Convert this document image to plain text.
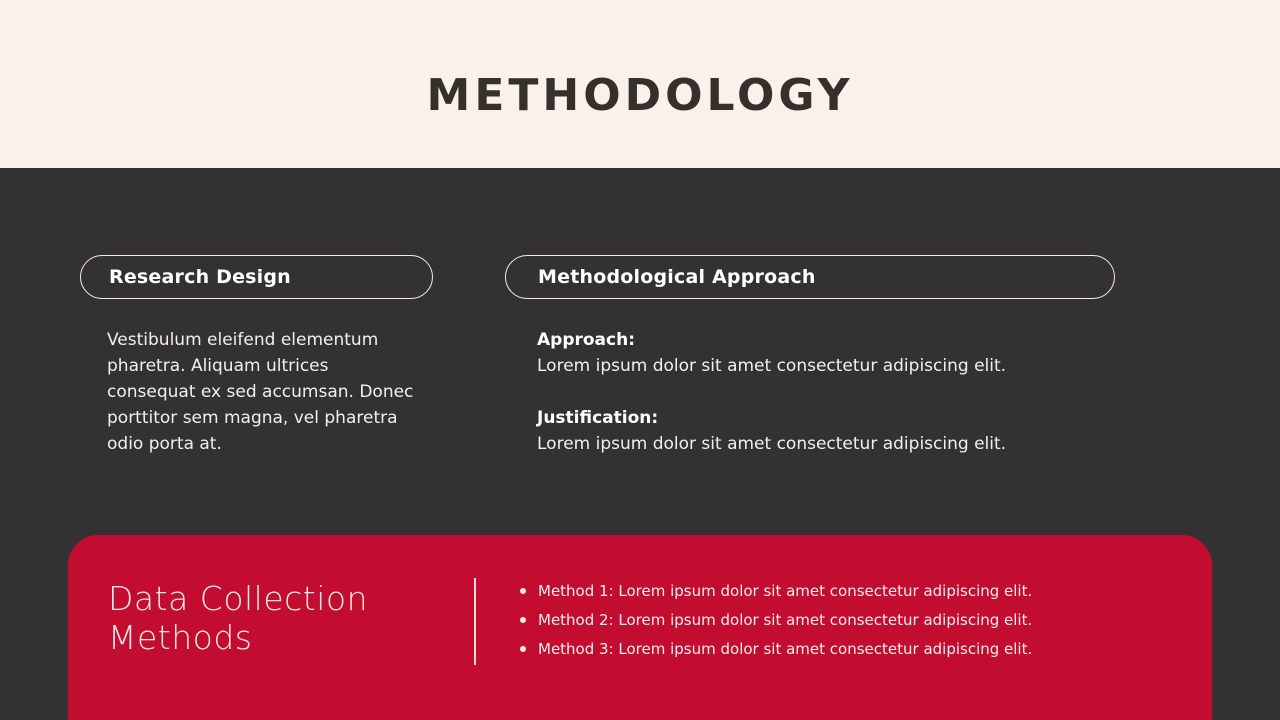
METHODOLOGY
Research Design	Methodological Approach

Vestibulum eleifend elementum pharetra. Aliquam ultrices consequat ex sed accumsan. Donec porttitor sem magna, vel pharetra odio porta at.

Approach:
Lorem ipsum dolor sit amet consectetur adipiscing elit.
Justification:
Lorem ipsum dolor sit amet consectetur adipiscing elit.
Data Collection Methods
Method 1: Lorem ipsum dolor sit amet consectetur adipiscing elit.
Method 2: Lorem ipsum dolor sit amet consectetur adipiscing elit.
Method 3: Lorem ipsum dolor sit amet consectetur adipiscing elit.
